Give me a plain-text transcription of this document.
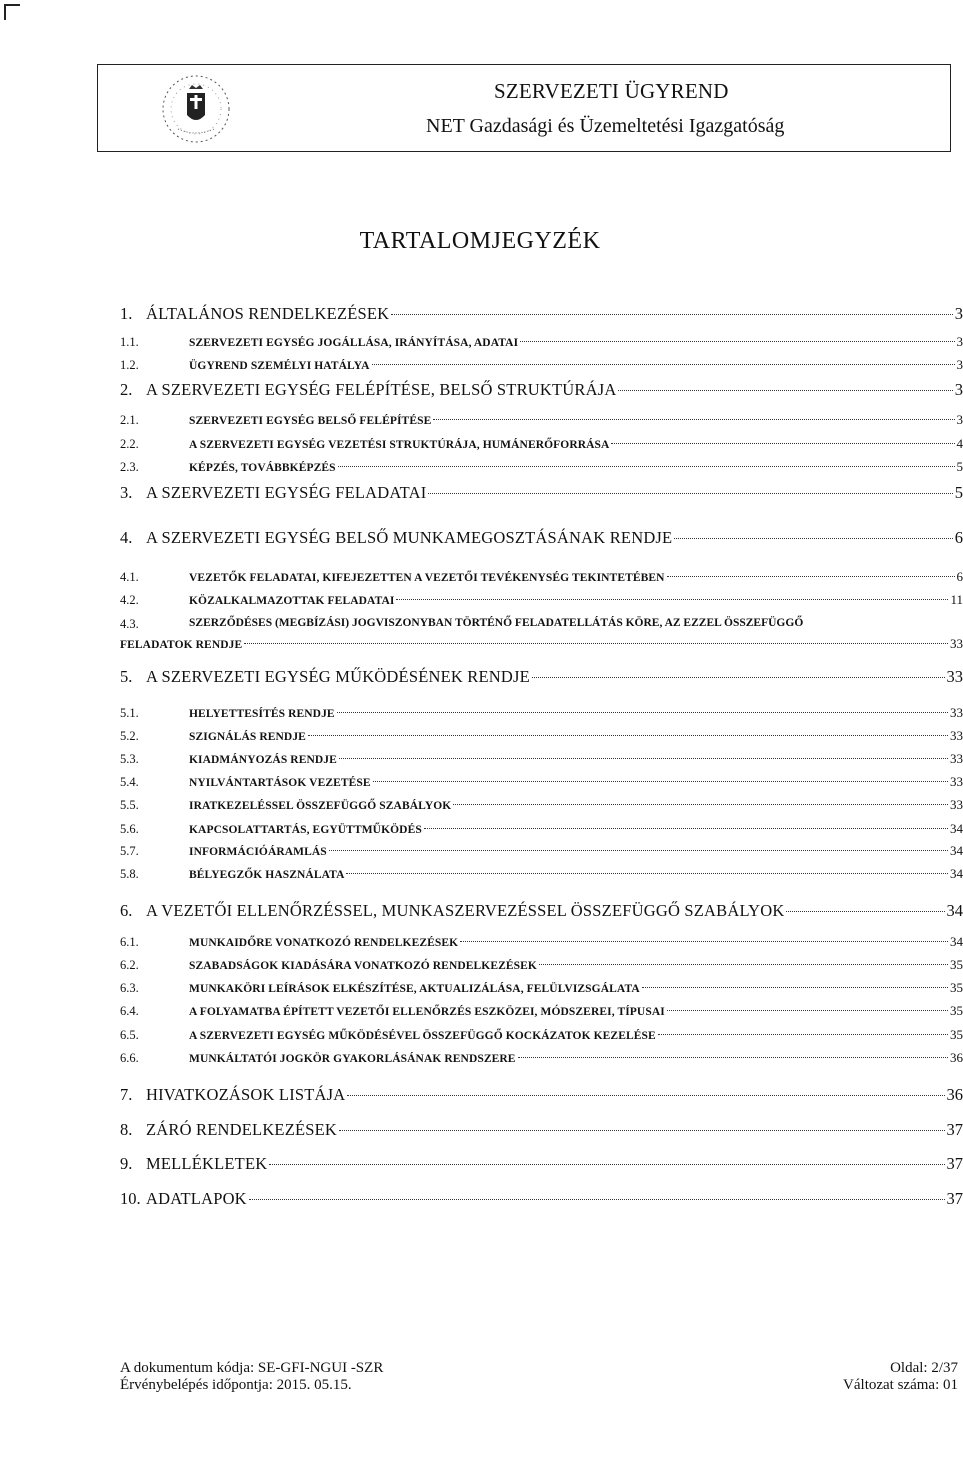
SZERVEZETI ÜGYREND
NET Gazdasági és Üzemeltetési Igazgatóság
TARTALOMJEGYZÉK
1. ÁLTALÁNOS RENDELKEZÉSEK	3
1.1.	SZERVEZETI EGYSÉG JOGÁLLÁSA, IRÁNYÍTÁSA, ADATAI	3
1.2.	ÜGYREND SZEMÉLYI HATÁLYA	3
2. A SZERVEZETI EGYSÉG FELÉPÍTÉSE, BELSŐ STRUKTÚRÁJA	3
2.1.	SZERVEZETI EGYSÉG BELSŐ FELÉPÍTÉSE	3
2.2.	A SZERVEZETI EGYSÉG VEZETÉSI STRUKTÚRÁJA, HUMÁNERŐFORRÁSA	4
2.3.	KÉPZÉS, TOVÁBBKÉPZÉS	5
3. A SZERVEZETI EGYSÉG FELADATAI	5
4. A SZERVEZETI EGYSÉG BELSŐ MUNKAMEGOSZTÁSÁNAK RENDJE	6
4.1.	VEZETŐK FELADATAI, KIFEJEZETTEN A VEZETŐI TEVÉKENYSÉG TEKINTETÉBEN	6
4.2.	KÖZALKALMAZOTTAK FELADATAI	11
4.3.	SZERZŐDÉSES (MEGBÍZÁSI) JOGVISZONYBAN TÖRTÉNŐ FELADATELLÁTÁS KÖRE, AZ EZZEL ÖSSZEFÜGGŐ
FELADATOK RENDJE	33
5. A SZERVEZETI EGYSÉG MŰKÖDÉSÉNEK RENDJE	33
5.1.	HELYETTESÍTÉS RENDJE	33
5.2.	SZIGNÁLÁS RENDJE	33
5.3.	KIADMÁNYOZÁS RENDJE	33
5.4.	NYILVÁNTARTÁSOK VEZETÉSE	33
5.5.	IRATKEZELÉSSEL ÖSSZEFÜGGŐ SZABÁLYOK	33
5.6.	KAPCSOLATTARTÁS, EGYÜTTMŰKÖDÉS	34
5.7.	INFORMÁCIÓÁRAMLÁS	34
5.8.	BÉLYEGZŐK HASZNÁLATA	34
6. A VEZETŐI ELLENŐRZÉSSEL, MUNKASZERVEZÉSSEL ÖSSZEFÜGGŐ SZABÁLYOK	34
6.1.	MUNKAIDŐRE VONATKOZÓ RENDELKEZÉSEK	34
6.2.	SZABADSÁGOK KIADÁSÁRA VONATKOZÓ RENDELKEZÉSEK	35
6.3.	MUNKAKÖRI LEÍRÁSOK ELKÉSZÍTÉSE, AKTUALIZÁLÁSA, FELÜLVIZSGÁLATA	35
6.4.	A FOLYAMATBA ÉPÍTETT VEZETŐI ELLENŐRZÉS ESZKÖZEI, MÓDSZEREI, TÍPUSAI	35
6.5.	A SZERVEZETI EGYSÉG MŰKÖDÉSÉVEL ÖSSZEFÜGGŐ KOCKÁZATOK KEZELÉSE	35
6.6.	MUNKÁLTATÓI JOGKÖR GYAKORLÁSÁNAK RENDSZERE	36
7. HIVATKOZÁSOK LISTÁJA	36
8. ZÁRÓ RENDELKEZÉSEK	37
9. MELLÉKLETEK	37
10. ADATLAPOK	37
A dokumentum kódja: SE-GFI-NGUI -SZR	Oldal: 2/37
Érvénybelépés időpontja: 2015. 05.15.	Változat száma: 01
